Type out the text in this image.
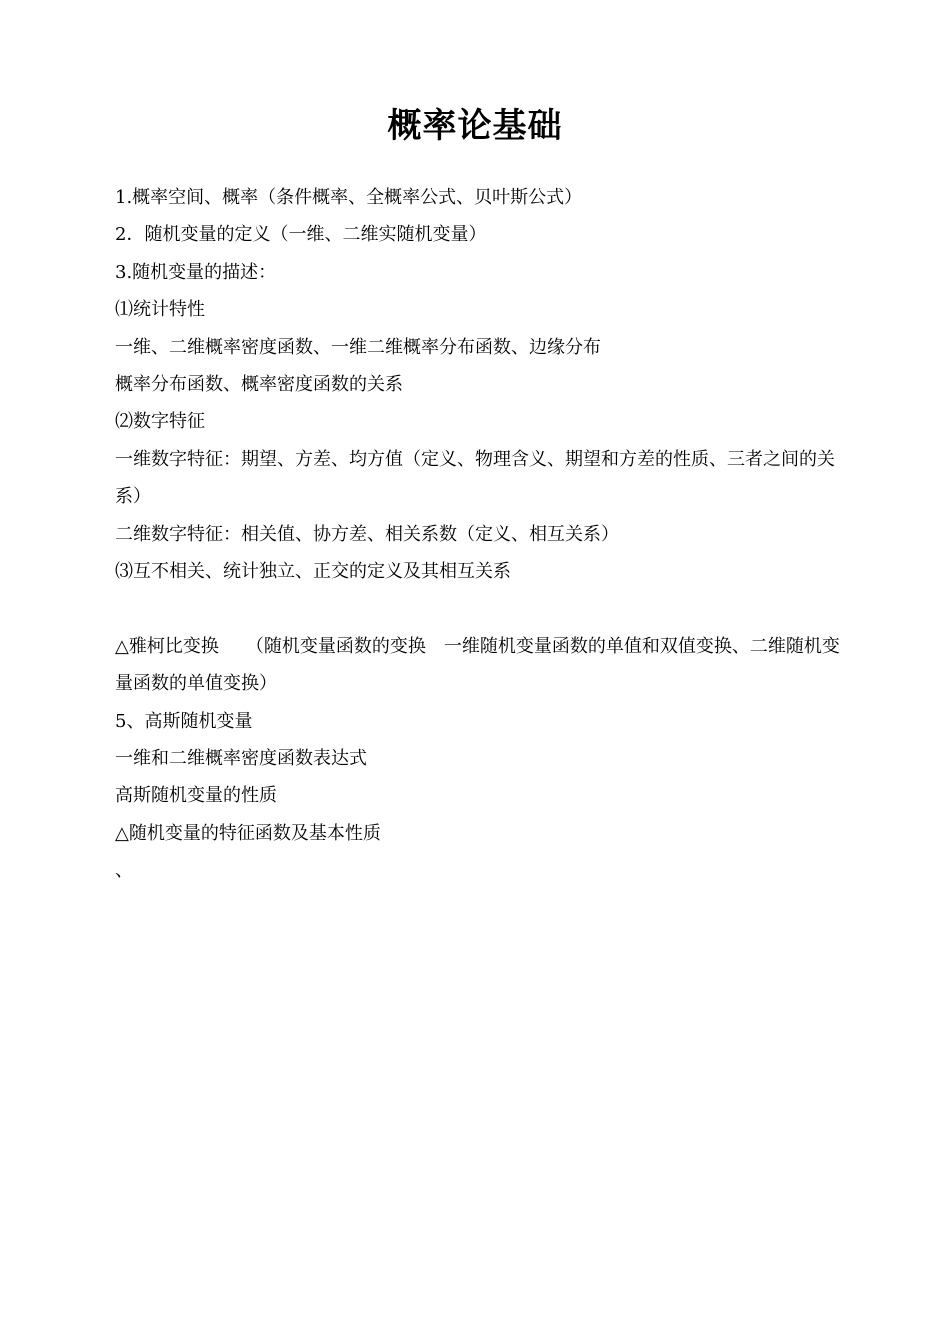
概率论基础
1.概率空间、概率（条件概率、全概率公式、贝叶斯公式）
2．随机变量的定义（一维、二维实随机变量）
3.随机变量的描述：
⑴统计特性
一维、二维概率密度函数、一维二维概率分布函数、边缘分布
概率分布函数、概率密度函数的关系
⑵数字特征
一维数字特征：期望、方差、均方值（定义、物理含义、期望和方差的性质、三者之间的关系）
二维数字特征：相关值、协方差、相关系数（定义、相互关系）
⑶互不相关、统计独立、正交的定义及其相互关系
△雅柯比变换　　（随机变量函数的变换　一维随机变量函数的单值和双值变换、二维随机变量函数的单值变换）
5、高斯随机变量
一维和二维概率密度函数表达式
高斯随机变量的性质
△随机变量的特征函数及基本性质
、
